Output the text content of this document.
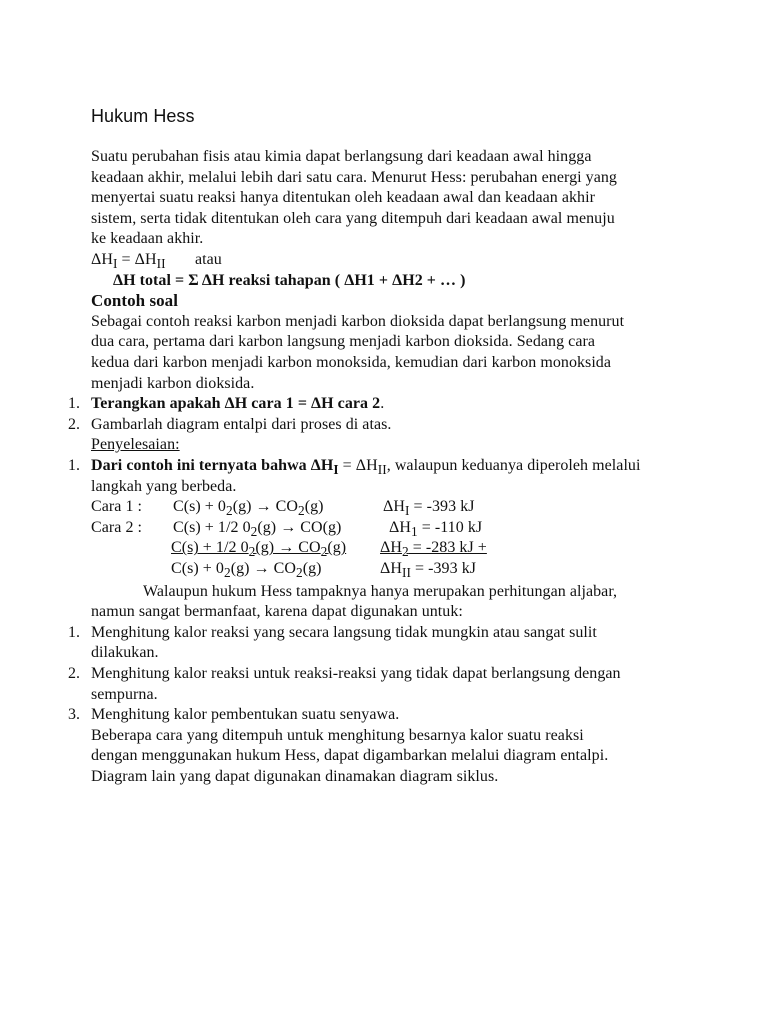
Hukum Hess
Suatu perubahan fisis atau kimia dapat berlangsung dari keadaan awal hingga
keadaan akhir, melalui lebih dari satu cara. Menurut Hess: perubahan energi yang
menyertai suatu reaksi hanya ditentukan oleh keadaan awal dan keadaan akhir
sistem, serta tidak ditentukan oleh cara yang ditempuh dari keadaan awal menuju
ke keadaan akhir.
$\Delta H_I = \Delta H_{II}$ atau
ΔH total = Σ ΔH reaksi tahapan ( ΔH1 + ΔH2 + … )
Contoh soal
Sebagai contoh reaksi karbon menjadi karbon dioksida dapat berlangsung menurut
dua cara, pertama dari karbon langsung menjadi karbon dioksida. Sedang cara
kedua dari karbon menjadi karbon monoksida, kemudian dari karbon monoksida
menjadi karbon dioksida.
1. Terangkan apakah ΔH cara 1 = ΔH cara 2.
2. Gambarlah diagram entalpi dari proses di atas.
Penyelesaian:
1. Dari contoh ini ternyata bahwa $\Delta H_I = \Delta H_{II}$, walaupun keduanya diperoleh melalui
langkah yang berbeda.
Cara 1 : $C(s) + 0_2(g) \to CO_2(g)$	$\Delta H_I = -393$ kJ
Cara 2 : C(s) + 1/2 $0_2(g) \to CO(g)$	$\Delta H_1 = -110$ kJ
C(s) + 1/2 $0_2(g) \to CO_2(g) \Delta H_2 = -283$ kJ +
$C(s) + 0_2(g) \to CO_2(g)$	$\Delta H_{II} = -393$ kJ
Walaupun hukum Hess tampaknya hanya merupakan perhitungan aljabar,
namun sangat bermanfaat, karena dapat digunakan untuk:
1. Menghitung kalor reaksi yang secara langsung tidak mungkin atau sangat sulit
dilakukan.
2. Menghitung kalor reaksi untuk reaksi-reaksi yang tidak dapat berlangsung dengan
sempurna.
3. Menghitung kalor pembentukan suatu senyawa.
Beberapa cara yang ditempuh untuk menghitung besarnya kalor suatu reaksi
dengan menggunakan hukum Hess, dapat digambarkan melalui diagram entalpi.
Diagram lain yang dapat digunakan dinamakan diagram siklus.
